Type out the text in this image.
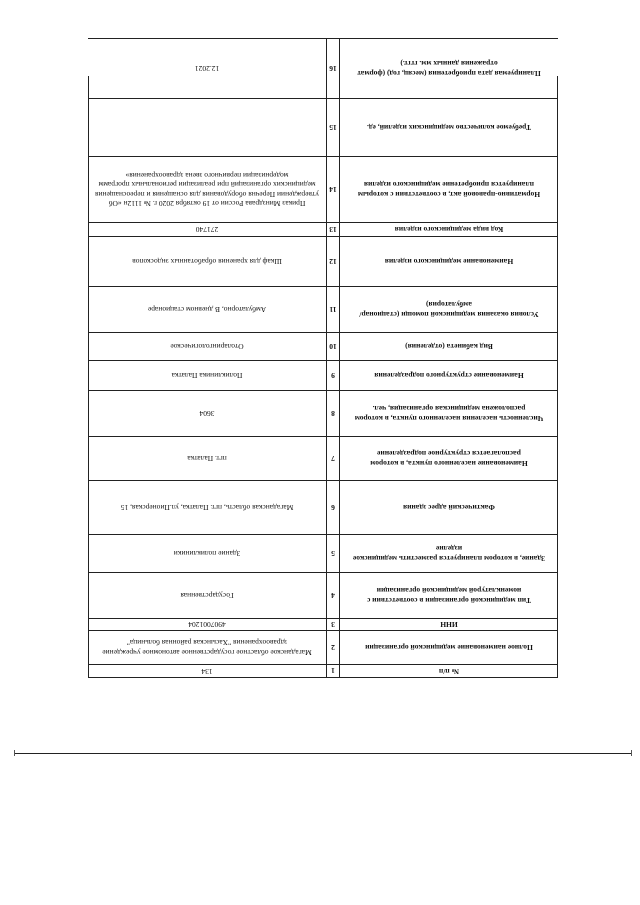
№ п/п
1
134
Полное наименование медицинской организации
2
Магаданское областное государственное автономное учреждение здравоохранения "Хасынская районная больница"
ИНН
3
4907001204
Тип медицинской организации в соответствии с номенклатурой медицинской организации
4
Государственная
Здание, в котором планируется разместить медицинское изделие
5
Здание поликлиники
Фактический адрес здания
6
Магаданская область, пгт. Палатка, ул.Пионерская, 15
Наименование населенного пункта, в котором располагается структурное подразделение
7
пгт. Палатка
Численность населения населенного пункта, в котором расположена медицинская организация, чел.
8
3604
Наименование структурного подразделения
9
Поликлиника Палатка
Вид кабинета (отделения)
10
Отоларингологическое
Условия оказания медицинской помощи (стационар/амбулатория)
11
Амбулаторно, В дневном стационаре
Наименование медицинского изделия
12
Шкаф для хранения обработанных эндоскопов
Код вида медицинского изделия
13
271740
Нормативно-правовой акт, в соответствии с которым планируется приобретение медицинского изделия
14
Приказ Минздрава России от 19 октября 2020 г. № 1112н «Об утверждении Перечня оборудования для оснащения и переоснащения медицинских организаций при реализации региональных программ модернизации первичного звена здравоохранения»
Требуемое количество медицинских изделий, ед.
15
Планируемая дата приобретения (месяц, год) (формат отражения данных мм. гггг.)
16
12.2021
